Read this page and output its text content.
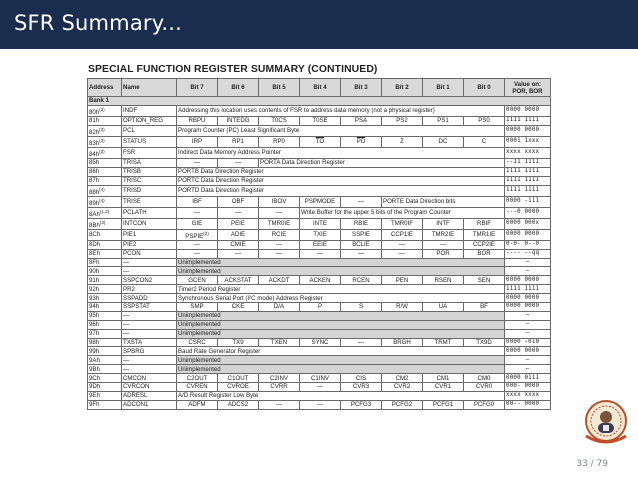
SFR Summary...
SPECIAL FUNCTION REGISTER SUMMARY (CONTINUED)
Address	Name	Bit 7	Bit 6	Bit 5	Bit 4	Bit 3	Bit 2	Bit 1	Bit 0	Value on: POR, BOR
Bank 1										
$80h^{(3)}$	INDF	Addressing this location uses contents of FSR to address data memory (not a physical register)								0000 0000
81h	OPTION_REG	RBPU	INTEDG	T0CS	T0SE	PSA	PS2	PS1	PS0	1111 1111
$82h^{(3)}$	PCL	Program Counter (PC) Least Significant Byte								0000 0000
$83h^{(3)}$	STATUS	IRP	RP1	RP0	$\overline{TO}$	$\overline{PD}$	Z	DC	C	0001 1xxx
$84h^{(3)}$	FSR	Indirect Data Memory Address Pointer								xxxx xxxx
85h	TRISA	—	—	PORTA Data Direction Register						--11 1111
86h	TRISB	PORTB Data Direction Register								1111 1111
87h	TRISC	PORTC Data Direction Register								1111 1111
$88h^{(4)}$	TRISD	PORTD Data Direction Register								1111 1111
$89h^{(4)}$	TRISE	IBF	OBF	IBOV	PSPMODE	—	PORTE Data Direction bits			0000 -111
8Ah$^{(1,3)}$	PCLATH	—	—	—	Write Buffer for the upper 5 bits of the Program Counter					---0 0000
8Bh$^{(3)}$	INTCON	GIE	PEIE	TMR0IE	INTE	RBIE	TMR0IF	INTF	RBIF	0000 000x
8Ch	PIE1	PSPIE$^{(2)}$	ADIE	RCIE	TXIE	SSPIE	CCP1IE	TMR2IE	TMR1IE	0000 0000
8Dh	PIE2	—	CMIE	—	EEIE	BCLIE	—	—	CCP2IE	0-0- 0--0
8Eh	PCON	—	—	—	—	—	—	$\overline{POR}$	$\overline{BOR}$	---- --qq
8Fh	—	Unimplemented								—
90h	—	Unimplemented								—
91h	SSPCON2	GCEN	ACKSTAT	ACKDT	ACKEN	RCEN	PEN	RSEN	SEN	0000 0000
92h	PR2	Timer2 Period Register								1111 1111
93h	SSPADD	Synchronous Serial Port (I²C mode) Address Register								0000 0000
94h	SSPSTAT	SMP	CKE	D/A	P	S	R/W	UA	BF	0000 0000
95h	—	Unimplemented								—
96h	—	Unimplemented								—
97h	—	Unimplemented								—
98h	TXSTA	CSRC	TX9	TXEN	SYNC	—	BRGH	TRMT	TX9D	0000 -010
99h	SPBRG	Baud Rate Generator Register								0000 0000
9Ah	—	Unimplemented								—
9Bh	—	Unimplemented								—
9Ch	CMCON	C2OUT	C1OUT	C2INV	C1INV	CIS	CM2	CM1	CM0	0000 0111
9Dh	CVRCON	CVREN	CVROE	CVRR	—	CVR3	CVR2	CVR1	CVR0	000- 0000
9Eh	ADRESL	A/D Result Register Low Byte								xxxx xxxx
9Fh	ADCON1	ADFM	ADCS2	—	—	PCFG3	PCFG2	PCFG1	PCFG0	00-- 0000
33 / 79
